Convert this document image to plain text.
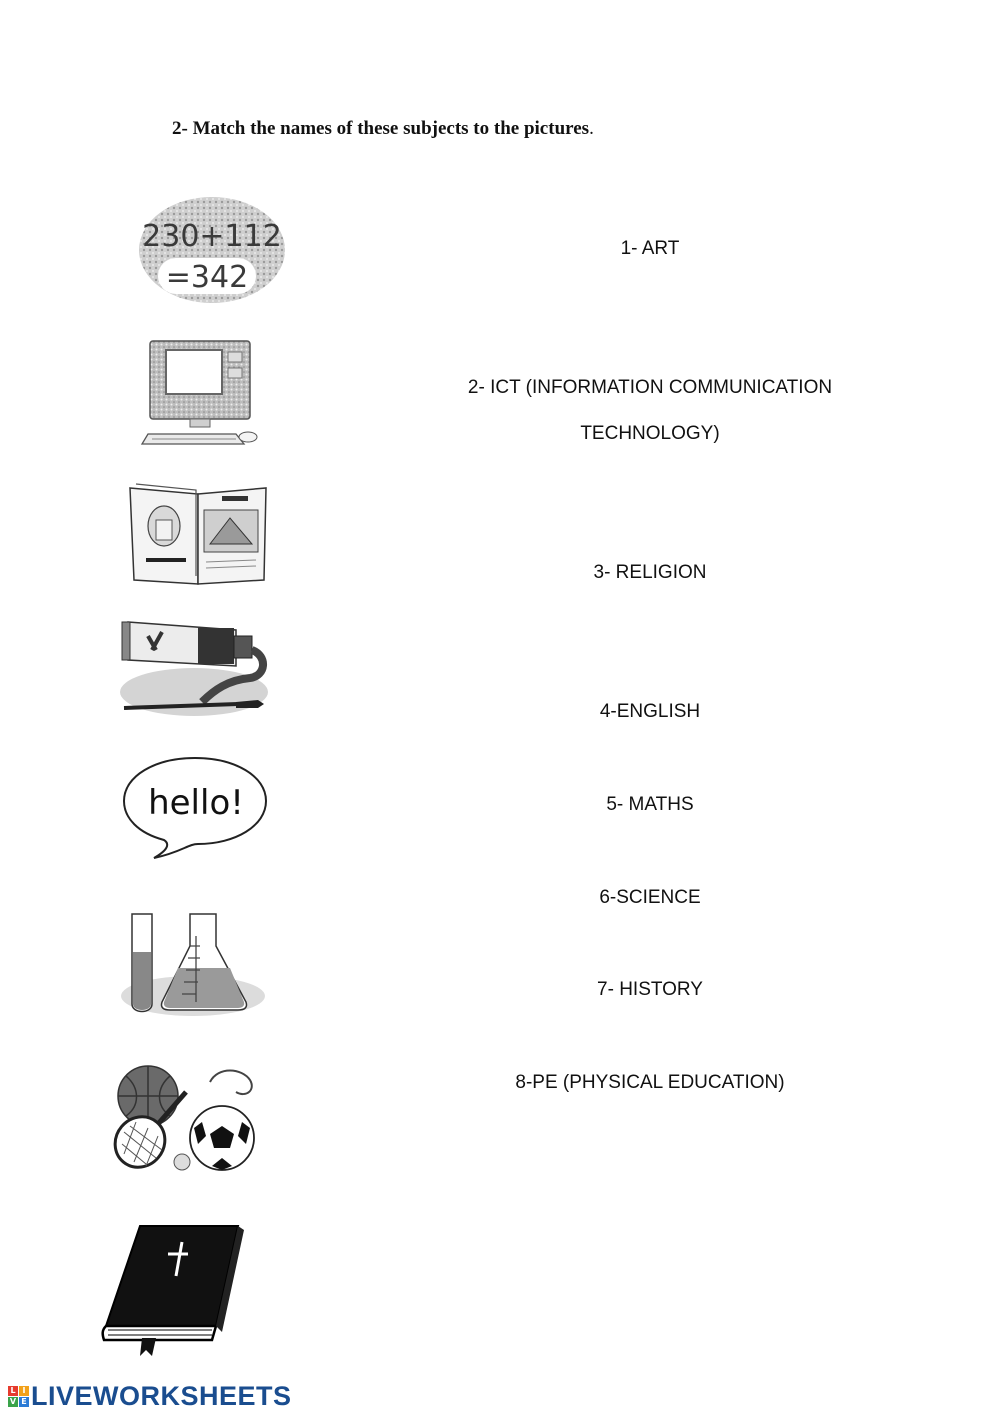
2- Match the names of these subjects to the pictures.
230+112
=342
hello!
1- ART
2- ICT (INFORMATION COMMUNICATION
TECHNOLOGY)
3- RELIGION
4-ENGLISH
5- MATHS
6-SCIENCE
7- HISTORY
8-PE (PHYSICAL EDUCATION)
L I
V E LIVEWORKSHEETS
